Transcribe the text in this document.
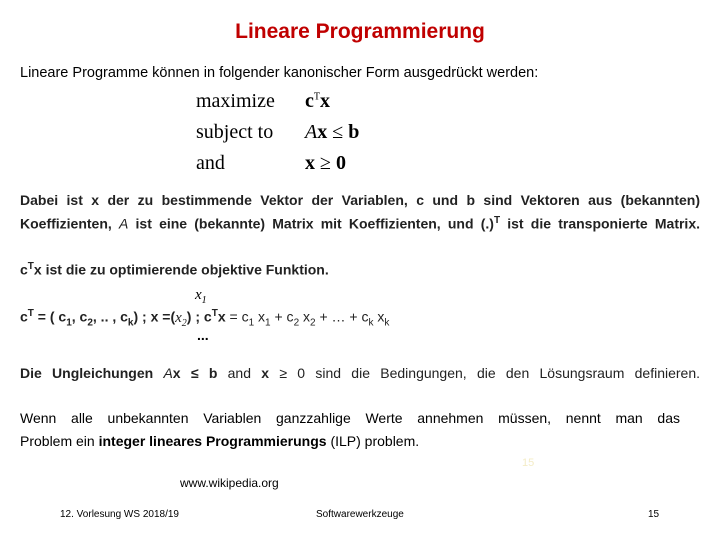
Lineare Programmierung
Lineare Programme können in folgender kanonischer Form ausgedrückt werden:
maximize $c^Tx$
subject to Ax ≤ b
and	x ≥ 0
Dabei ist x der zu bestimmende Vektor der Variablen, c und b sind Vektoren aus (bekannten)
Koeffizienten, A ist eine (bekannte) Matrix mit Koeffizienten, und (.)$^T$ ist die transponierte Matrix.
$c^Tx$ ist die zu optimierende objektive Funktion.
$x_1$
$c^T$ = ( $c_1$, $c_2$, .. , $c_k$) ; $x =(x_2)$ ; $c^Tx = c_1$ $x_1 + c_2$ $x_2$ + … + $c_k$ $x_k$
...
Die Ungleichungen Ax ≤ b and x ≥ 0 sind die Bedingungen, die den Lösungsraum definieren.
Wenn alle unbekannten Variablen ganzzahlige Werte annehmen müssen, nennt man das
Problem ein integer lineares Programmierungs (ILP) problem.
15
www.wikipedia.org
12. Vorlesung WS 2018/19	Softwarewerkzeuge	15
